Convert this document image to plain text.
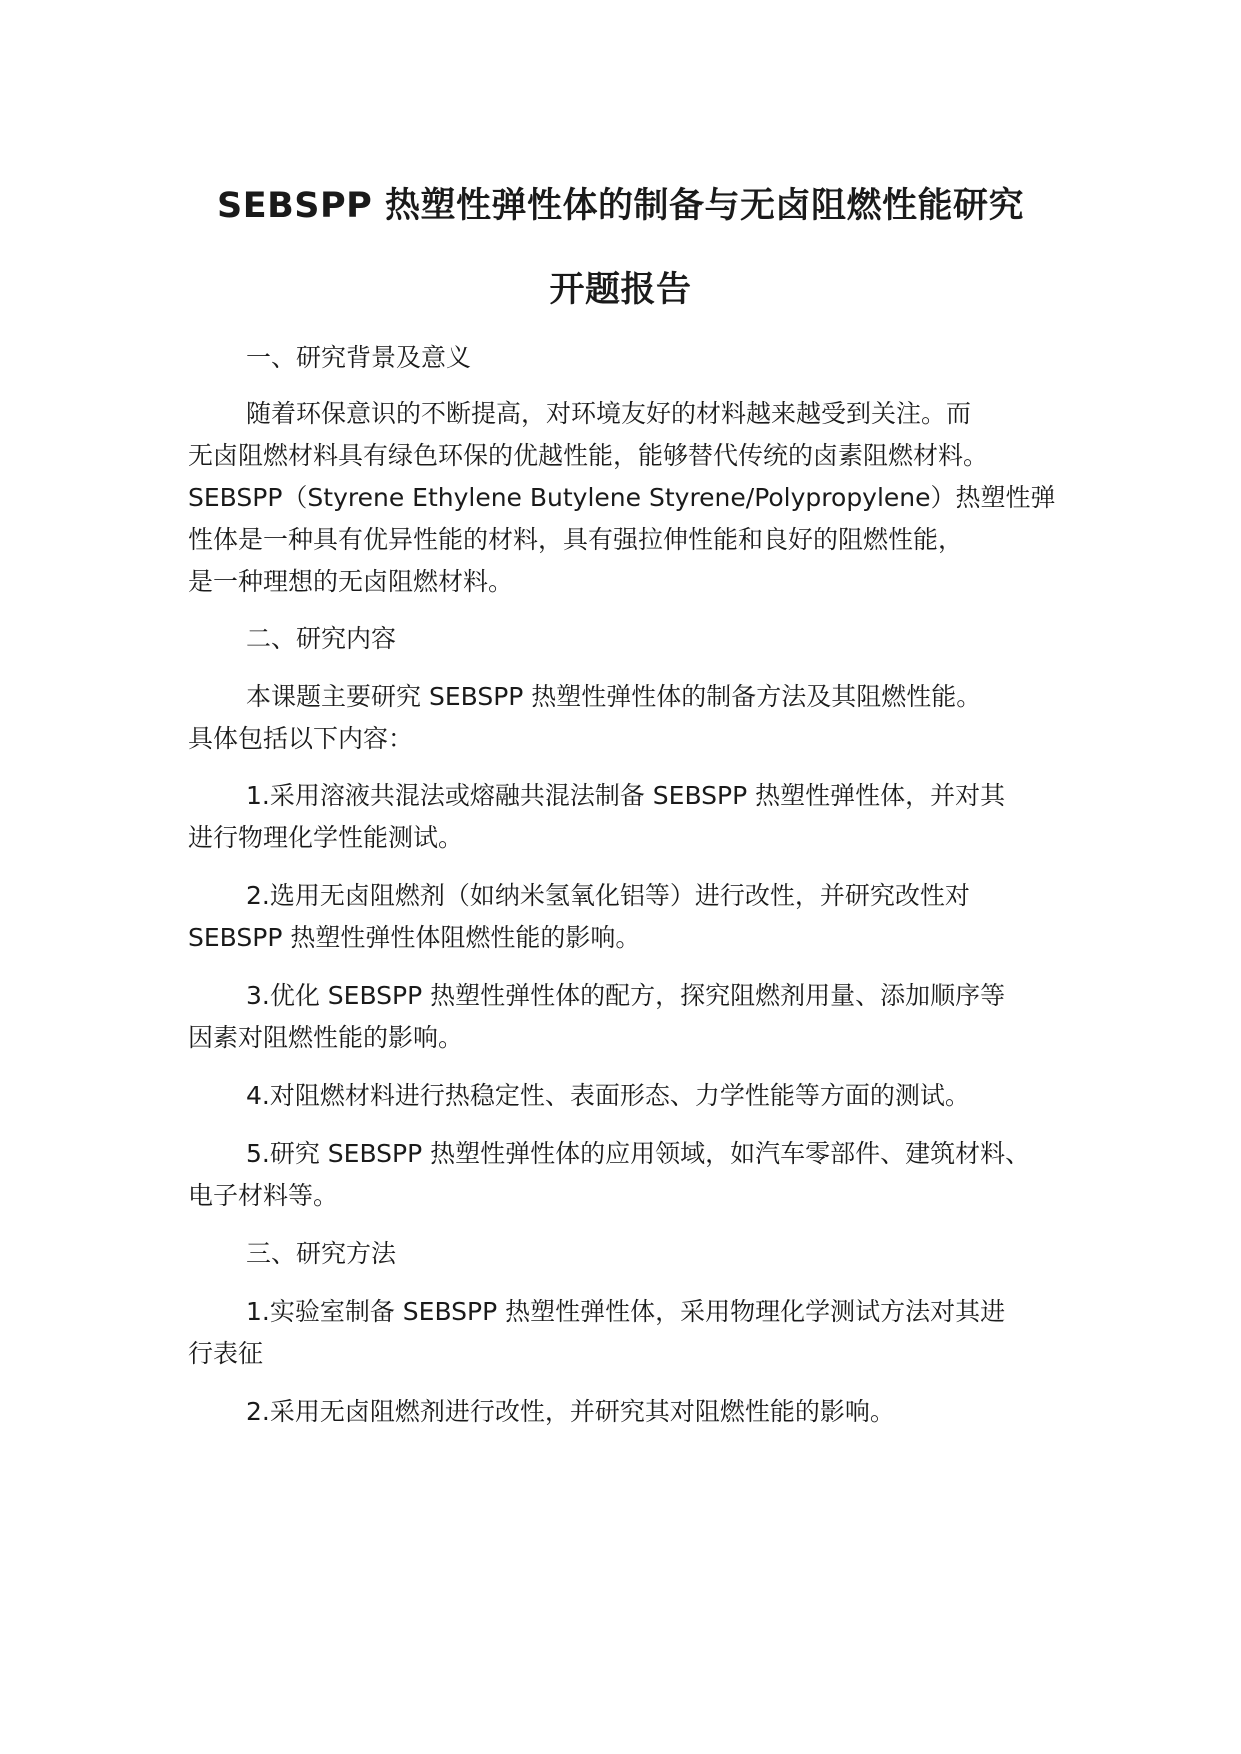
SEBSPP 热塑性弹性体的制备与无卤阻燃性能研究
开题报告
一、研究背景及意义
随着环保意识的不断提高，对环境友好的材料越来越受到关注。而
无卤阻燃材料具有绿色环保的优越性能，能够替代传统的卤素阻燃材料。
SEBSPP（Styrene Ethylene Butylene Styrene/Polypropylene）热塑性弹
性体是一种具有优异性能的材料，具有强拉伸性能和良好的阻燃性能，
是一种理想的无卤阻燃材料。
二、研究内容
本课题主要研究 SEBSPP 热塑性弹性体的制备方法及其阻燃性能。
具体包括以下内容：
1.采用溶液共混法或熔融共混法制备 SEBSPP 热塑性弹性体，并对其
进行物理化学性能测试。
2.选用无卤阻燃剂（如纳米氢氧化铝等）进行改性，并研究改性对
SEBSPP 热塑性弹性体阻燃性能的影响。
3.优化 SEBSPP 热塑性弹性体的配方，探究阻燃剂用量、添加顺序等
因素对阻燃性能的影响。
4.对阻燃材料进行热稳定性、表面形态、力学性能等方面的测试。
5.研究 SEBSPP 热塑性弹性体的应用领域，如汽车零部件、建筑材料、
电子材料等。
三、研究方法
1.实验室制备 SEBSPP 热塑性弹性体，采用物理化学测试方法对其进
行表征
2.采用无卤阻燃剂进行改性，并研究其对阻燃性能的影响。
